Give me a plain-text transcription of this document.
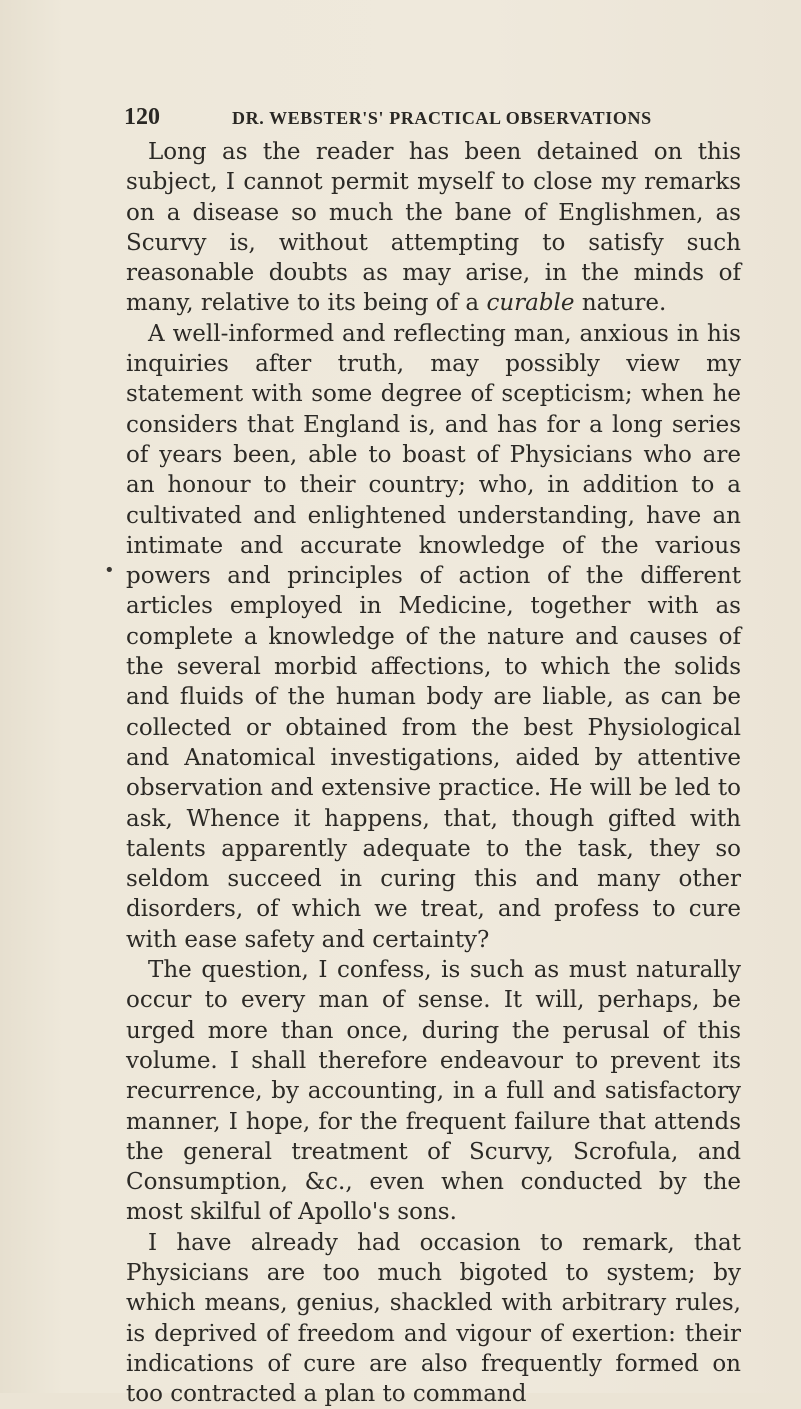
120	DR. WEBSTER'S' PRACTICAL OBSERVATIONS
•

Long as the reader has been detained on this subject, I cannot permit myself to close my remarks on a disease so much the bane of Englishmen, as Scurvy is, without attempting to satisfy such reasonable doubts as may arise, in the minds of many, relative to its being of a curable nature.

A well-informed and reflecting man, anxious in his inquiries after truth, may possibly view my statement with some degree of scepticism; when he considers that England is, and has for a long series of years been, able to boast of Physicians who are an honour to their country; who, in addition to a cultivated and enlightened understanding, have an intimate and accurate knowledge of the various powers and principles of action of the different articles employed in Medicine, together with as complete a knowledge of the nature and causes of the several morbid affections, to which the solids and fluids of the human body are liable, as can be collected or obtained from the best Physiological and Anatomical investigations, aided by attentive observation and extensive practice. He will be led to ask, Whence it happens, that, though gifted with talents apparently adequate to the task, they so seldom succeed in curing this and many other disorders, of which we treat, and profess to cure with ease safety and certainty?

The question, I confess, is such as must naturally occur to every man of sense. It will, perhaps, be urged more than once, during the perusal of this volume. I shall therefore endeavour to prevent its recurrence, by accounting, in a full and satisfactory manner, I hope, for the frequent failure that attends the general treatment of Scurvy, Scrofula, and Consumption, &c., even when conducted by the most skilful of Apollo's sons.

I have already had occasion to remark, that Physicians are too much bigoted to system; by which means, genius, shackled with arbitrary rules, is deprived of freedom and vigour of exertion: their indications of cure are also frequently formed on too contracted a plan to command
